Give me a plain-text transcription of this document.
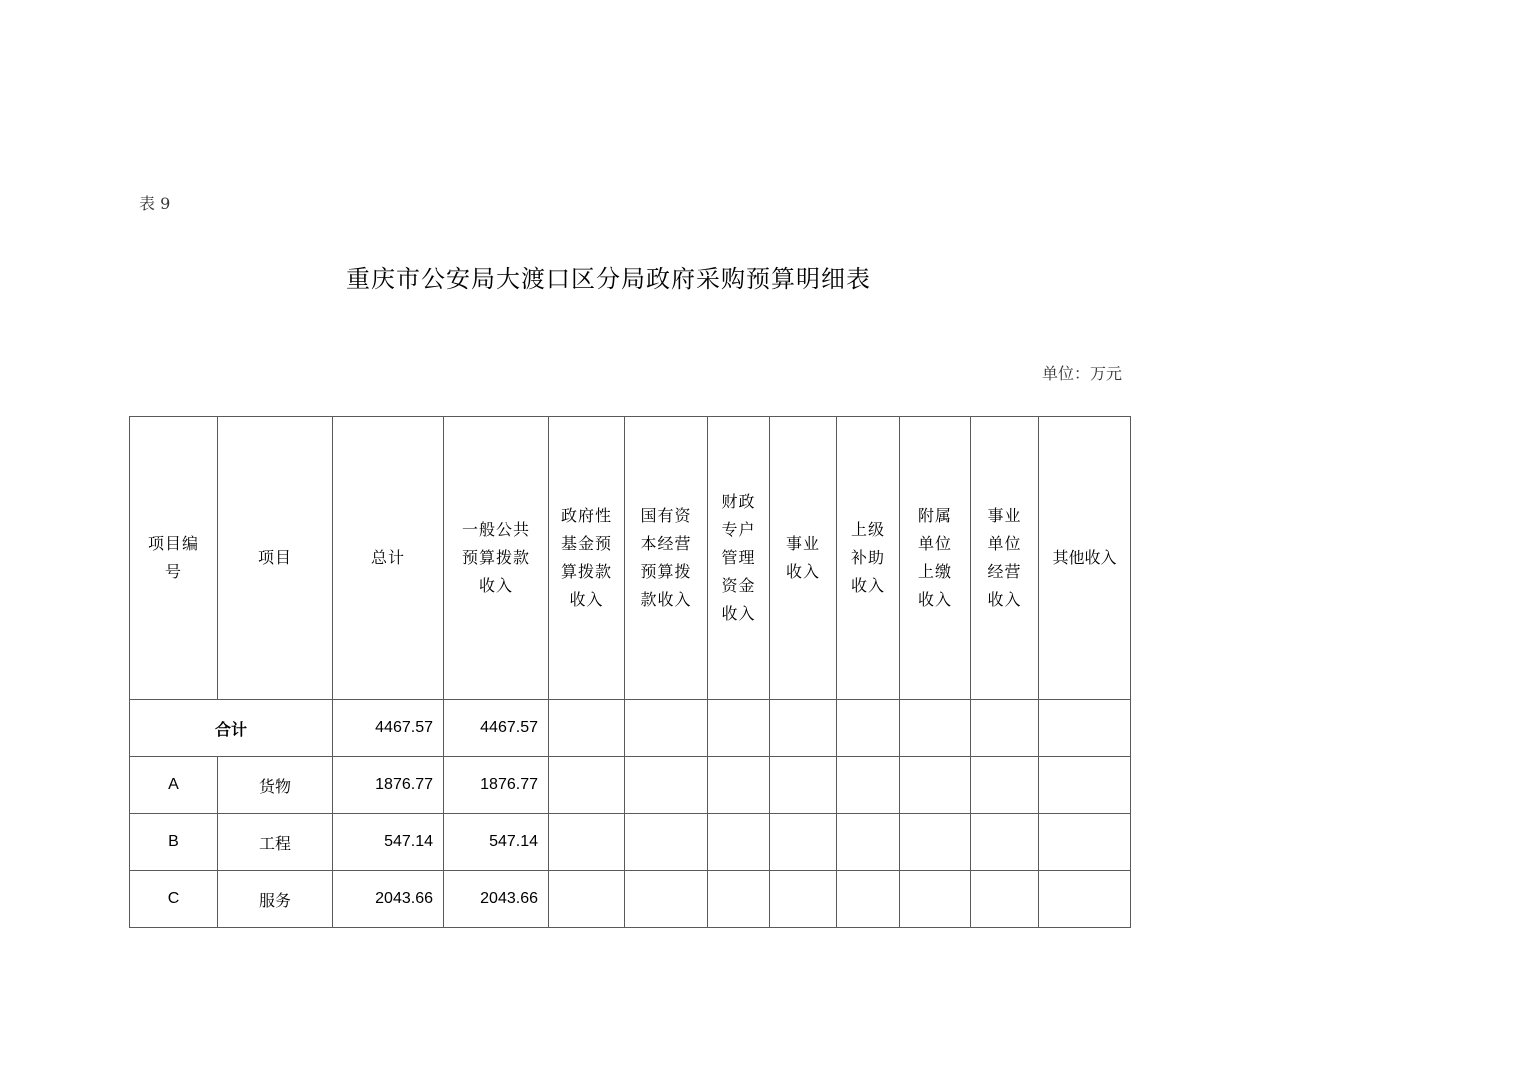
表 9
重庆市公安局大渡口区分局政府采购预算明细表
单位：万元
项目编号	项目	总计	一般公共预算拨款收入	政府性基金预算拨款收入	国有资本经营预算拨款收入	财政专户管理资金收入	事业收入	上级补助收入	附属单位上缴收入	事业单位经营收入	其他收入
合计		4467.57	4467.57								
A	货物	1876.77	1876.77								
B	工程	547.14	547.14								
C	服务	2043.66	2043.66								
